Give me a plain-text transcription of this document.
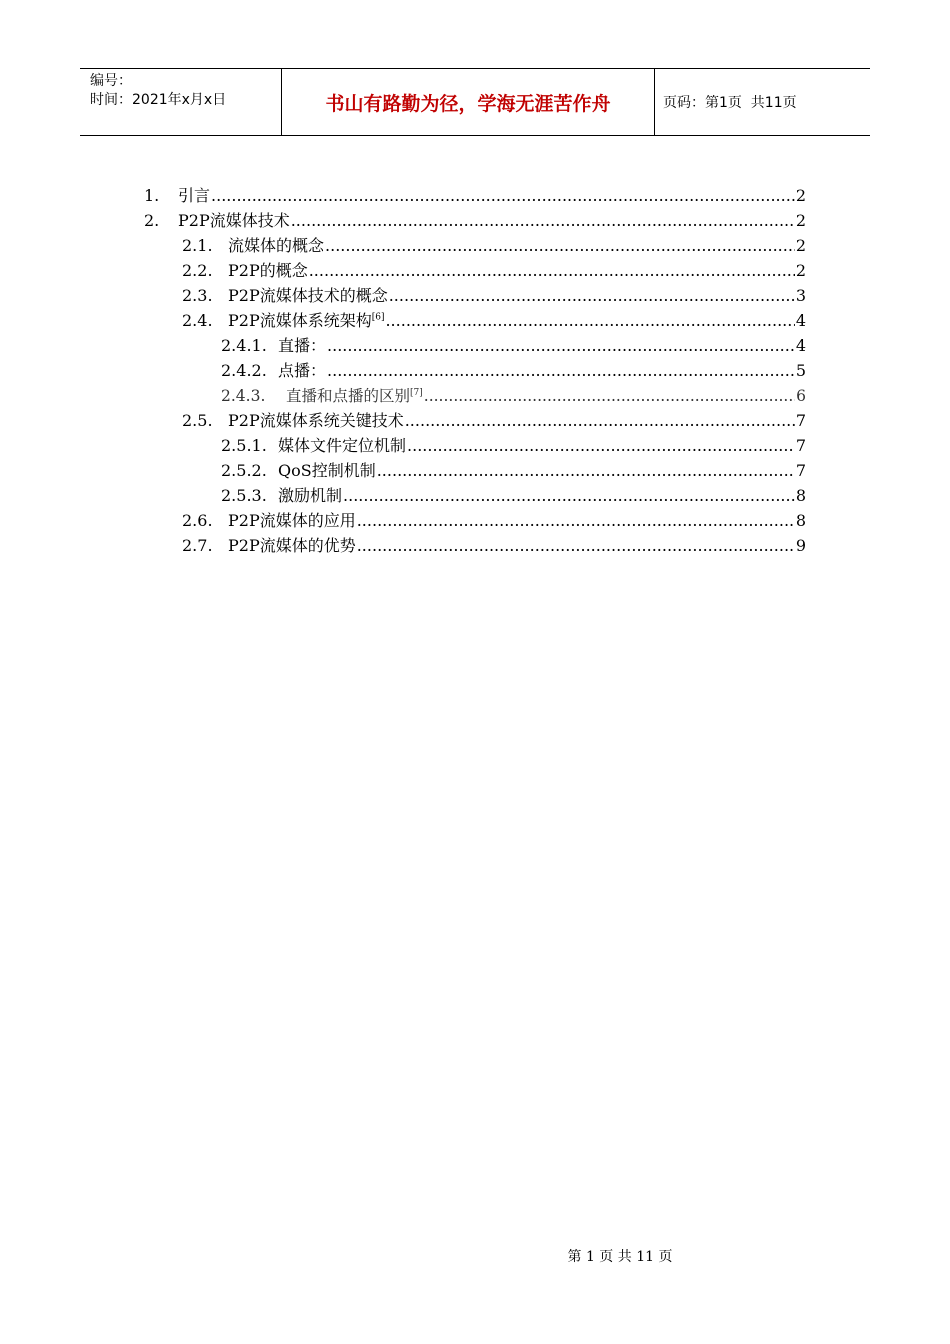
编号：
时间：2021年x月x日	书山有路勤为径，学海无涯苦作舟	页码：第1页  共11页
1.	引言 .....	2
2.	P2P流媒体技术 .....	2
2.1. 流媒体的概念 .....	2
2.2. P2P的概念 .....	2
2.3. P2P流媒体技术的概念 .....	3
2.4. P2P流媒体系统架构[6] .....	4
2.4.1. 直播： .....	4
2.4.2. 点播： .....	5
2.4.3.	直播和点播的区别[7] .....	6
2.5. P2P流媒体系统关键技术 .....	7
2.5.1. 媒体文件定位机制 .....	7
2.5.2. QoS控制机制 .....	7
2.5.3. 激励机制 .....	8
2.6. P2P流媒体的应用 .....	8
2.7. P2P流媒体的优势 .....	9
第 1 页 共 11 页
